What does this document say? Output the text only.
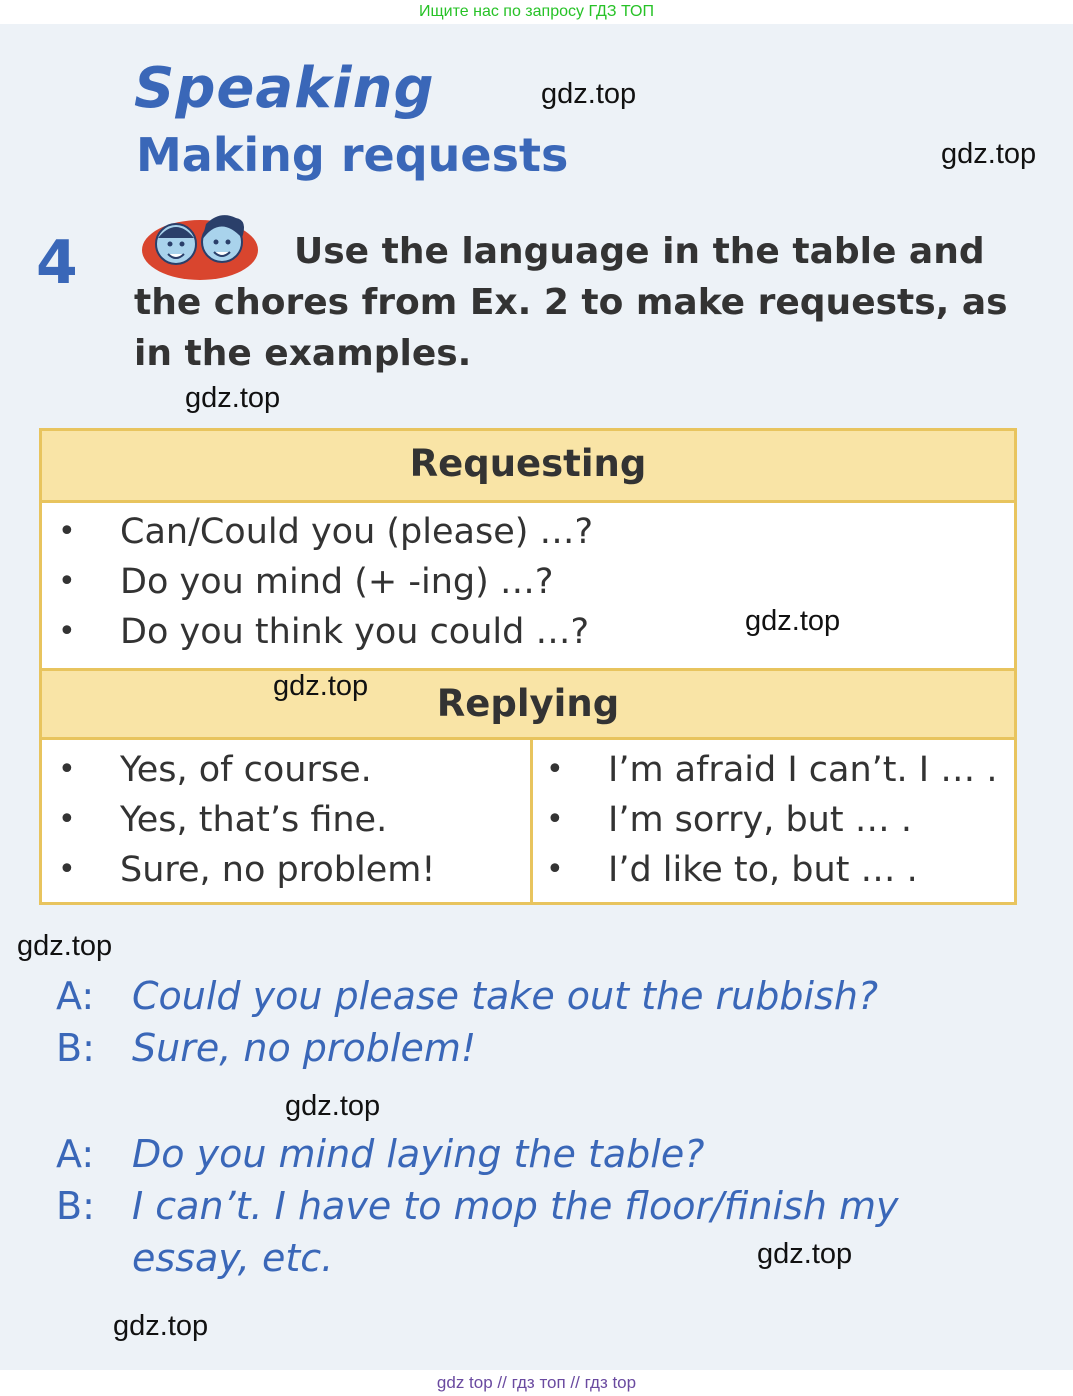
Ищите нас по запросу ГДЗ ТОП
Speaking
Making requests
4	Use the language in the table and the chores from Ex. 2 to make requests, as in the examples.
Requesting
• Can/Could you (please) …?
• Do you mind (+ -ing) …?
• Do you think you could …?
Replying
• Yes, of course.
• Yes, that’s fine.
• Sure, no problem!
• I’m afraid I can’t. I … .
• I’m sorry, but … .
• I’d like to, but … .
A: Could you please take out the rubbish?
B: Sure, no problem!
A: Do you mind laying the table?
B: I can’t. I have to mop the floor/finish my
essay, etc.
gdz.top
gdz.top
gdz.top
gdz.top
gdz.top
gdz.top
gdz.top
gdz.top
gdz.top
gdz top // гдз топ // гдз top
